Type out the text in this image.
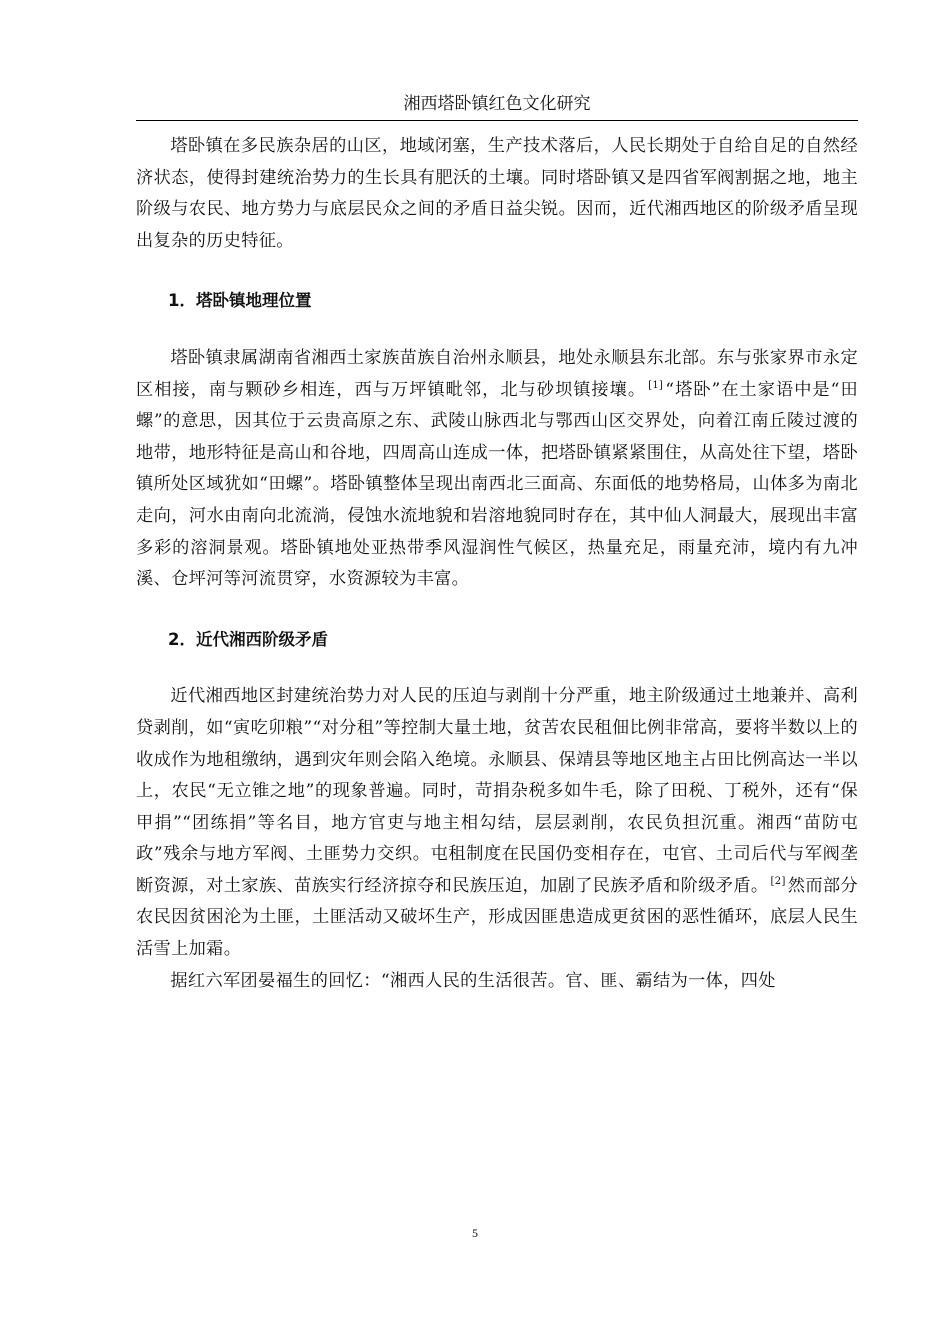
湘西塔卧镇红色文化研究

塔卧镇在多民族杂居的山区，地域闭塞，生产技术落后，人民长期处于自给自足的自然经济状态，使得封建统治势力的生长具有肥沃的土壤。同时塔卧镇又是四省军阀割据之地，地主阶级与农民、地方势力与底层民众之间的矛盾日益尖锐。因而，近代湘西地区的阶级矛盾呈现出复杂的历史特征。

1．塔卧镇地理位置

塔卧镇隶属湖南省湘西土家族苗族自治州永顺县，地处永顺县东北部。东与张家界市永定区相接，南与颗砂乡相连，西与万坪镇毗邻，北与砂坝镇接壤。 [1] “塔卧”在土家语中是“田螺”的意思，因其位于云贵高原之东、武陵山脉西北与鄂西山区交界处，向着江南丘陵过渡的地带，地形特征是高山和谷地，四周高山连成一体，把塔卧镇紧紧围住，从高处往下望，塔卧镇所处区域犹如“田螺”。塔卧镇整体呈现出南西北三面高、东面低的地势格局，山体多为南北走向，河水由南向北流淌，侵蚀水流地貌和岩溶地貌同时存在，其中仙人洞最大，展现出丰富多彩的溶洞景观。塔卧镇地处亚热带季风湿润性气候区，热量充足，雨量充沛，境内有九冲溪、仓坪河等河流贯穿，水资源较为丰富。

2．近代湘西阶级矛盾

近代湘西地区封建统治势力对人民的压迫与剥削十分严重，地主阶级通过土地兼并、高利贷剥削，如“寅吃卯粮”“对分租”等控制大量土地，贫苦农民租佃比例非常高，要将半数以上的收成作为地租缴纳，遇到灾年则会陷入绝境。永顺县、保靖县等地区地主占田比例高达一半以上，农民“无立锥之地”的现象普遍。同时，苛捐杂税多如牛毛，除了田税、丁税外，还有“保甲捐”“团练捐”等名目，地方官吏与地主相勾结，层层剥削，农民负担沉重。湘西“苗防屯政”残余与地方军阀、土匪势力交织。屯租制度在民国仍变相存在，屯官、土司后代与军阀垄断资源，对土家族、苗族实行经济掠夺和民族压迫，加剧了民族矛盾和阶级矛盾。 [2] 然而部分农民因贫困沦为土匪，土匪活动又破坏生产，形成因匪患造成更贫困的恶性循环，底层人民生活雪上加霜。

据红六军团晏福生的回忆：“湘西人民的生活很苦。官、匪、霸结为一体，四处

5
